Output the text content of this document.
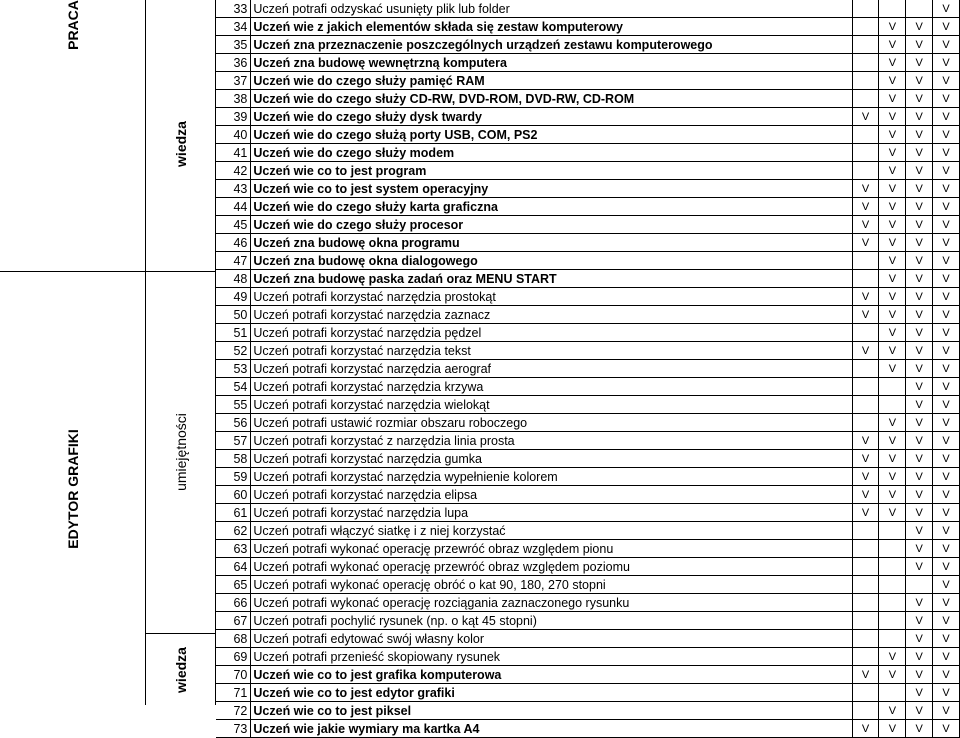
PRACA
EDYTOR GRAFIKI
wiedza
umiejętności
wiedza
33	Uczeń potrafi odzyskać usunięty plik lub folder				V
34	Uczeń wie z jakich elementów składa się zestaw komputerowy		V	V	V
35	Uczeń zna przeznaczenie poszczególnych urządzeń zestawu komputerowego		V	V	V
36	Uczeń zna budowę wewnętrzną komputera		V	V	V
37	Uczeń wie do czego służy pamięć RAM		V	V	V
38	Uczeń wie do czego służy CD-RW, DVD-ROM, DVD-RW, CD-ROM		V	V	V
39	Uczeń wie do czego służy dysk twardy	V	V	V	V
40	Uczeń wie do czego służą porty USB, COM, PS2		V	V	V
41	Uczeń wie do czego służy modem		V	V	V
42	Uczeń wie co to jest program		V	V	V
43	Uczeń wie co to jest system operacyjny	V	V	V	V
44	Uczeń wie do czego służy karta graficzna	V	V	V	V
45	Uczeń wie do czego służy procesor	V	V	V	V
46	Uczeń zna budowę okna programu	V	V	V	V
47	Uczeń zna budowę okna dialogowego		V	V	V
48	Uczeń zna budowę paska zadań oraz MENU START		V	V	V
49	Uczeń potrafi korzystać narzędzia prostokąt	V	V	V	V
50	Uczeń potrafi korzystać narzędzia zaznacz	V	V	V	V
51	Uczeń potrafi korzystać narzędzia pędzel		V	V	V
52	Uczeń potrafi korzystać narzędzia tekst	V	V	V	V
53	Uczeń potrafi korzystać narzędzia aerograf		V	V	V
54	Uczeń potrafi korzystać narzędzia krzywa			V	V
55	Uczeń potrafi korzystać narzędzia wielokąt			V	V
56	Uczeń potrafi ustawić rozmiar obszaru roboczego		V	V	V
57	Uczeń potrafi korzystać z narzędzia linia prosta	V	V	V	V
58	Uczeń potrafi korzystać narzędzia gumka	V	V	V	V
59	Uczeń potrafi korzystać narzędzia wypełnienie kolorem	V	V	V	V
60	Uczeń potrafi korzystać narzędzia elipsa	V	V	V	V
61	Uczeń potrafi korzystać narzędzia lupa	V	V	V	V
62	Uczeń potrafi włączyć siatkę i z niej korzystać			V	V
63	Uczeń potrafi wykonać operację przewróć obraz względem pionu			V	V
64	Uczeń potrafi wykonać operację przewróć obraz względem poziomu			V	V
65	Uczeń potrafi wykonać operację obróć o kat 90, 180, 270 stopni				V
66	Uczeń potrafi wykonać operację rozciągania zaznaczonego rysunku			V	V
67	Uczeń potrafi pochylić rysunek (np. o kąt 45 stopni)			V	V
68	Uczeń potrafi edytować swój własny kolor			V	V
69	Uczeń potrafi przenieść skopiowany rysunek		V	V	V
70	Uczeń wie co to jest grafika komputerowa	V	V	V	V
71	Uczeń wie co to jest edytor grafiki			V	V
72	Uczeń wie co to jest piksel		V	V	V
73	Uczeń wie jakie wymiary ma kartka A4	V	V	V	V
